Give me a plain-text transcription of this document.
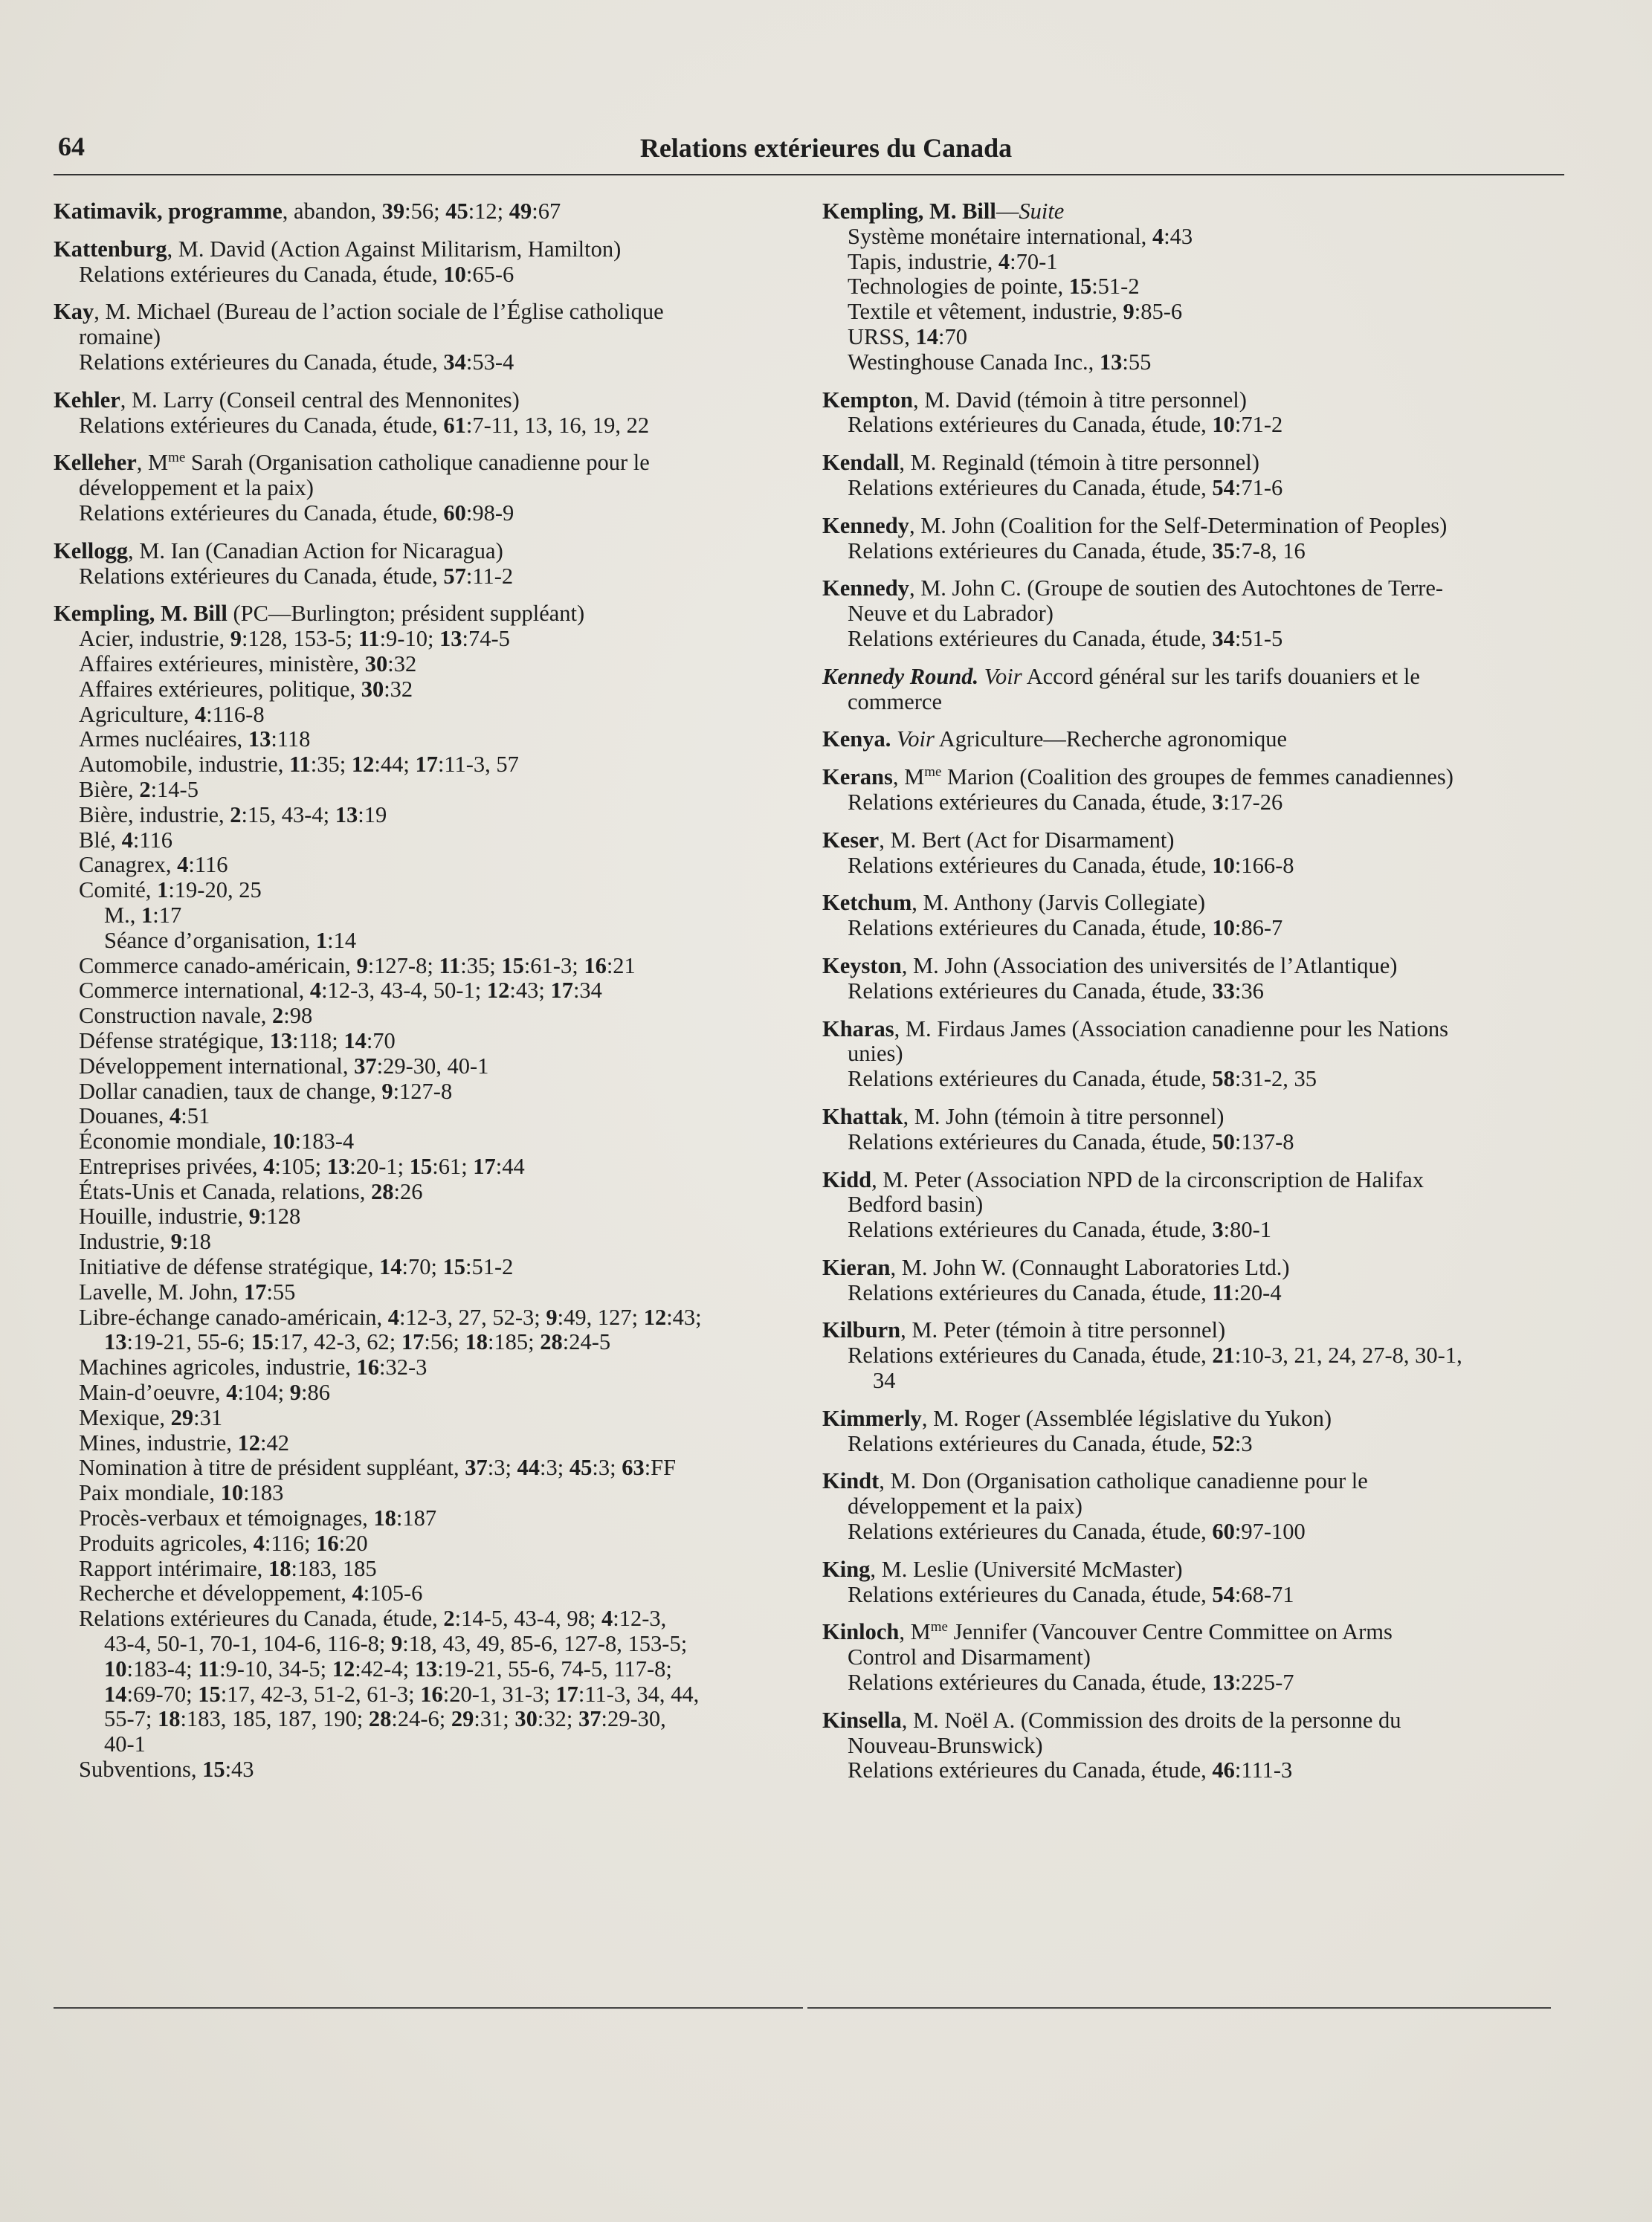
64	Relations extérieures du Canada
Katimavik, programme, abandon, 39:56; 45:12; 49:67
Kattenburg, M. David (Action Against Militarism, Hamilton)
Relations extérieures du Canada, étude, 10:65-6
Kay, M. Michael (Bureau de l’action sociale de l’Église catholique
romaine)
Relations extérieures du Canada, étude, 34:53-4
Kehler, M. Larry (Conseil central des Mennonites)
Relations extérieures du Canada, étude, 61:7-11, 13, 16, 19, 22
Kelleher, $M^{me}$ Sarah (Organisation catholique canadienne pour le
développement et la paix)
Relations extérieures du Canada, étude, 60:98-9
Kellogg, M. Ian (Canadian Action for Nicaragua)
Relations extérieures du Canada, étude, 57:11-2
Kempling, M. Bill (PC—Burlington; président suppléant)
Acier, industrie, 9:128, 153-5; 11:9-10; 13:74-5
Affaires extérieures, ministère, 30:32
Affaires extérieures, politique, 30:32
Agriculture, 4:116-8
Armes nucléaires, 13:118
Automobile, industrie, 11:35; 12:44; 17:11-3, 57
Bière, 2:14-5
Bière, industrie, 2:15, 43-4; 13:19
Blé, 4:116
Canagrex, 4:116
Comité, 1:19-20, 25
M., 1:17
Séance d’organisation, 1:14
Commerce canado-américain, 9:127-8; 11:35; 15:61-3; 16:21
Commerce international, 4:12-3, 43-4, 50-1; 12:43; 17:34
Construction navale, 2:98
Défense stratégique, 13:118; 14:70
Développement international, 37:29-30, 40-1
Dollar canadien, taux de change, 9:127-8
Douanes, 4:51
Économie mondiale, 10:183-4
Entreprises privées, 4:105; 13:20-1; 15:61; 17:44
États-Unis et Canada, relations, 28:26
Houille, industrie, 9:128
Industrie, 9:18
Initiative de défense stratégique, 14:70; 15:51-2
Lavelle, M. John, 17:55
Libre-échange canado-américain, 4:12-3, 27, 52-3; 9:49, 127; 12:43;
13:19-21, 55-6; 15:17, 42-3, 62; 17:56; 18:185; 28:24-5
Machines agricoles, industrie, 16:32-3
Main-d’oeuvre, 4:104; 9:86
Mexique, 29:31
Mines, industrie, 12:42
Nomination à titre de président suppléant, 37:3; 44:3; 45:3; 63:FF
Paix mondiale, 10:183
Procès-verbaux et témoignages, 18:187
Produits agricoles, 4:116; 16:20
Rapport intérimaire, 18:183, 185
Recherche et développement, 4:105-6
Relations extérieures du Canada, étude, 2:14-5, 43-4, 98; 4:12-3,
43-4, 50-1, 70-1, 104-6, 116-8; 9:18, 43, 49, 85-6, 127-8, 153-5;
10:183-4; 11:9-10, 34-5; 12:42-4; 13:19-21, 55-6, 74-5, 117-8;
14:69-70; 15:17, 42-3, 51-2, 61-3; 16:20-1, 31-3; 17:11-3, 34, 44,
55-7; 18:183, 185, 187, 190; 28:24-6; 29:31; 30:32; 37:29-30,
40-1
Subventions, 15:43
Kempling, M. Bill—Suite
Système monétaire international, 4:43
Tapis, industrie, 4:70-1
Technologies de pointe, 15:51-2
Textile et vêtement, industrie, 9:85-6
URSS, 14:70
Westinghouse Canada Inc., 13:55
Kempton, M. David (témoin à titre personnel)
Relations extérieures du Canada, étude, 10:71-2
Kendall, M. Reginald (témoin à titre personnel)
Relations extérieures du Canada, étude, 54:71-6
Kennedy, M. John (Coalition for the Self-Determination of Peoples)
Relations extérieures du Canada, étude, 35:7-8, 16
Kennedy, M. John C. (Groupe de soutien des Autochtones de Terre-
Neuve et du Labrador)
Relations extérieures du Canada, étude, 34:51-5
Kennedy Round. Voir Accord général sur les tarifs douaniers et le
commerce
Kenya. Voir Agriculture—Recherche agronomique
Kerans, $M^{me}$ Marion (Coalition des groupes de femmes canadiennes)
Relations extérieures du Canada, étude, 3:17-26
Keser, M. Bert (Act for Disarmament)
Relations extérieures du Canada, étude, 10:166-8
Ketchum, M. Anthony (Jarvis Collegiate)
Relations extérieures du Canada, étude, 10:86-7
Keyston, M. John (Association des universités de l’Atlantique)
Relations extérieures du Canada, étude, 33:36
Kharas, M. Firdaus James (Association canadienne pour les Nations
unies)
Relations extérieures du Canada, étude, 58:31-2, 35
Khattak, M. John (témoin à titre personnel)
Relations extérieures du Canada, étude, 50:137-8
Kidd, M. Peter (Association NPD de la circonscription de Halifax
Bedford basin)
Relations extérieures du Canada, étude, 3:80-1
Kieran, M. John W. (Connaught Laboratories Ltd.)
Relations extérieures du Canada, étude, 11:20-4
Kilburn, M. Peter (témoin à titre personnel)
Relations extérieures du Canada, étude, 21:10-3, 21, 24, 27-8, 30-1,
34
Kimmerly, M. Roger (Assemblée législative du Yukon)
Relations extérieures du Canada, étude, 52:3
Kindt, M. Don (Organisation catholique canadienne pour le
développement et la paix)
Relations extérieures du Canada, étude, 60:97-100
King, M. Leslie (Université McMaster)
Relations extérieures du Canada, étude, 54:68-71
Kinloch, $M^{me}$ Jennifer (Vancouver Centre Committee on Arms
Control and Disarmament)
Relations extérieures du Canada, étude, 13:225-7
Kinsella, M. Noël A. (Commission des droits de la personne du
Nouveau-Brunswick)
Relations extérieures du Canada, étude, 46:111-3
